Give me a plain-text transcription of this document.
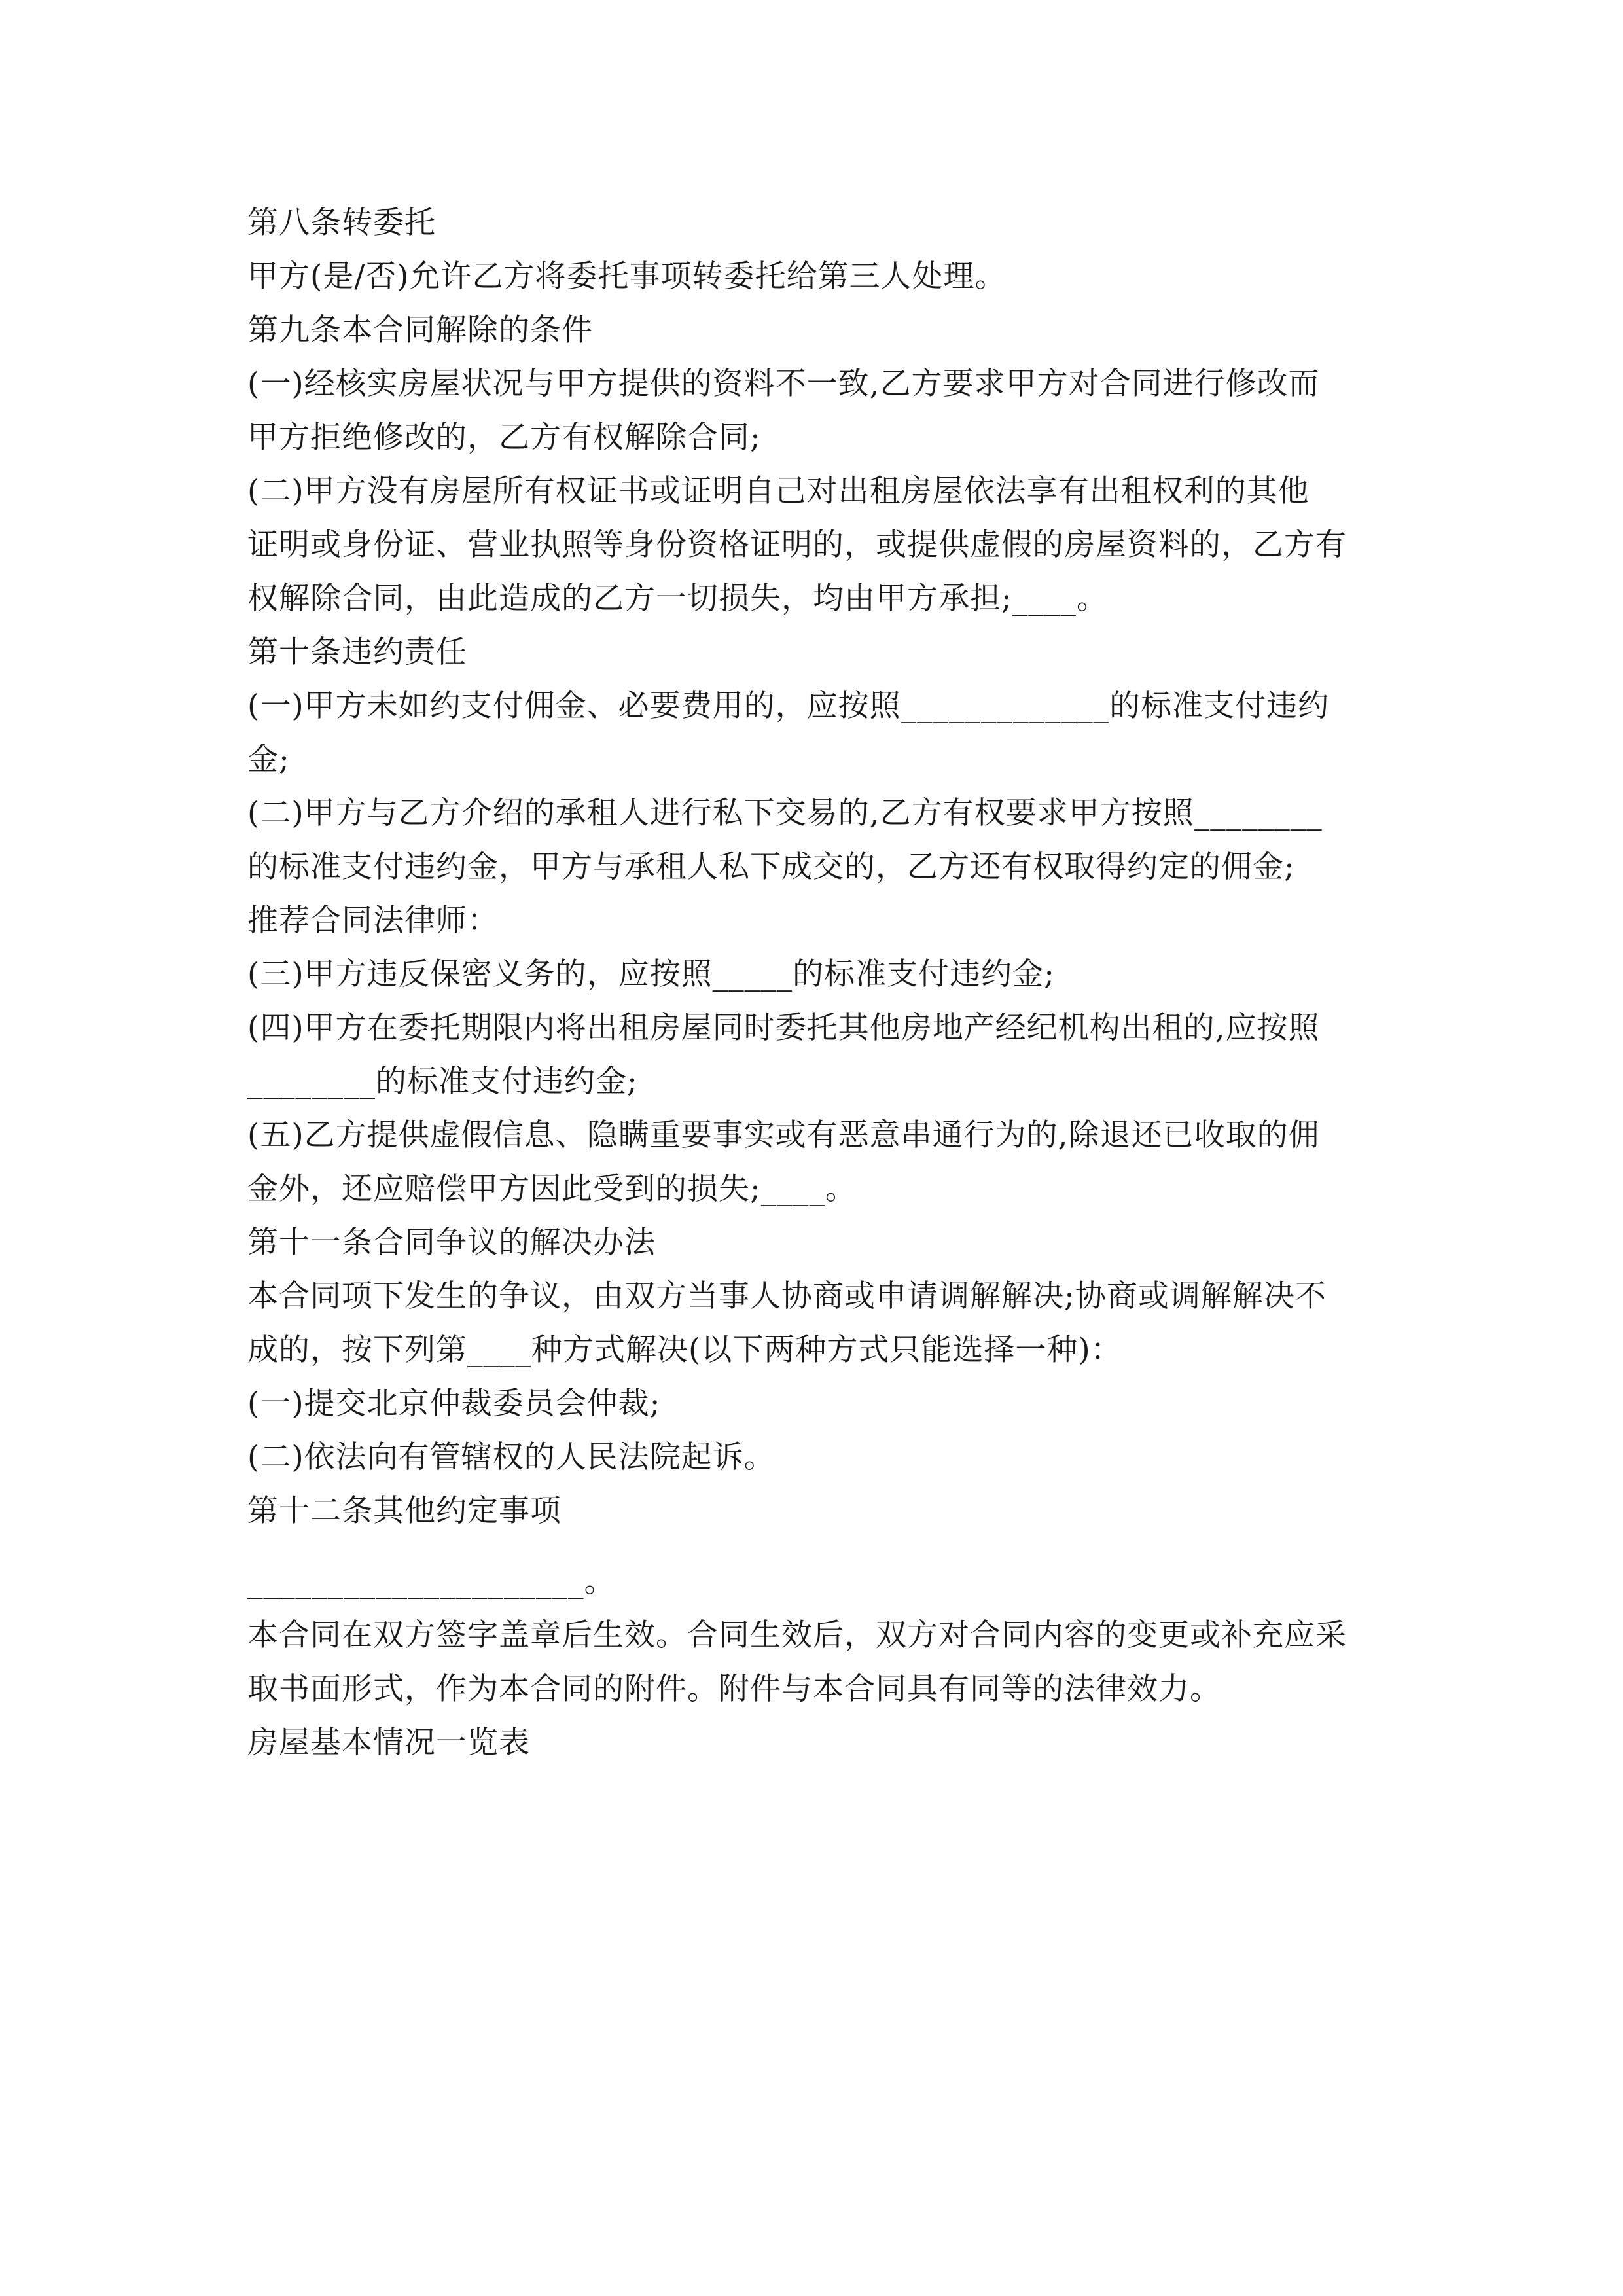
第八条转委托
甲方(是/否)允许乙方将委托事项转委托给第三人处理。
第九条本合同解除的条件
(一)经核实房屋状况与甲方提供的资料不一致,乙方要求甲方对合同进行修改而
甲方拒绝修改的，乙方有权解除合同;
(二)甲方没有房屋所有权证书或证明自己对出租房屋依法享有出租权利的其他
证明或身份证、营业执照等身份资格证明的，或提供虚假的房屋资料的，乙方有
权解除合同，由此造成的乙方一切损失，均由甲方承担;____。
第十条违约责任
(一)甲方未如约支付佣金、必要费用的，应按照_____________的标准支付违约
金;
(二)甲方与乙方介绍的承租人进行私下交易的,乙方有权要求甲方按照________
的标准支付违约金，甲方与承租人私下成交的，乙方还有权取得约定的佣金;
推荐合同法律师：
(三)甲方违反保密义务的，应按照_____的标准支付违约金;
(四)甲方在委托期限内将出租房屋同时委托其他房地产经纪机构出租的,应按照
________的标准支付违约金;
(五)乙方提供虚假信息、隐瞒重要事实或有恶意串通行为的,除退还已收取的佣
金外，还应赔偿甲方因此受到的损失;____。
第十一条合同争议的解决办法
本合同项下发生的争议，由双方当事人协商或申请调解解决;协商或调解解决不
成的，按下列第____种方式解决(以下两种方式只能选择一种)：
(一)提交北京仲裁委员会仲裁;
(二)依法向有管辖权的人民法院起诉。
第十二条其他约定事项
_____________________。
本合同在双方签字盖章后生效。合同生效后，双方对合同内容的变更或补充应采
取书面形式，作为本合同的附件。附件与本合同具有同等的法律效力。
房屋基本情况一览表
